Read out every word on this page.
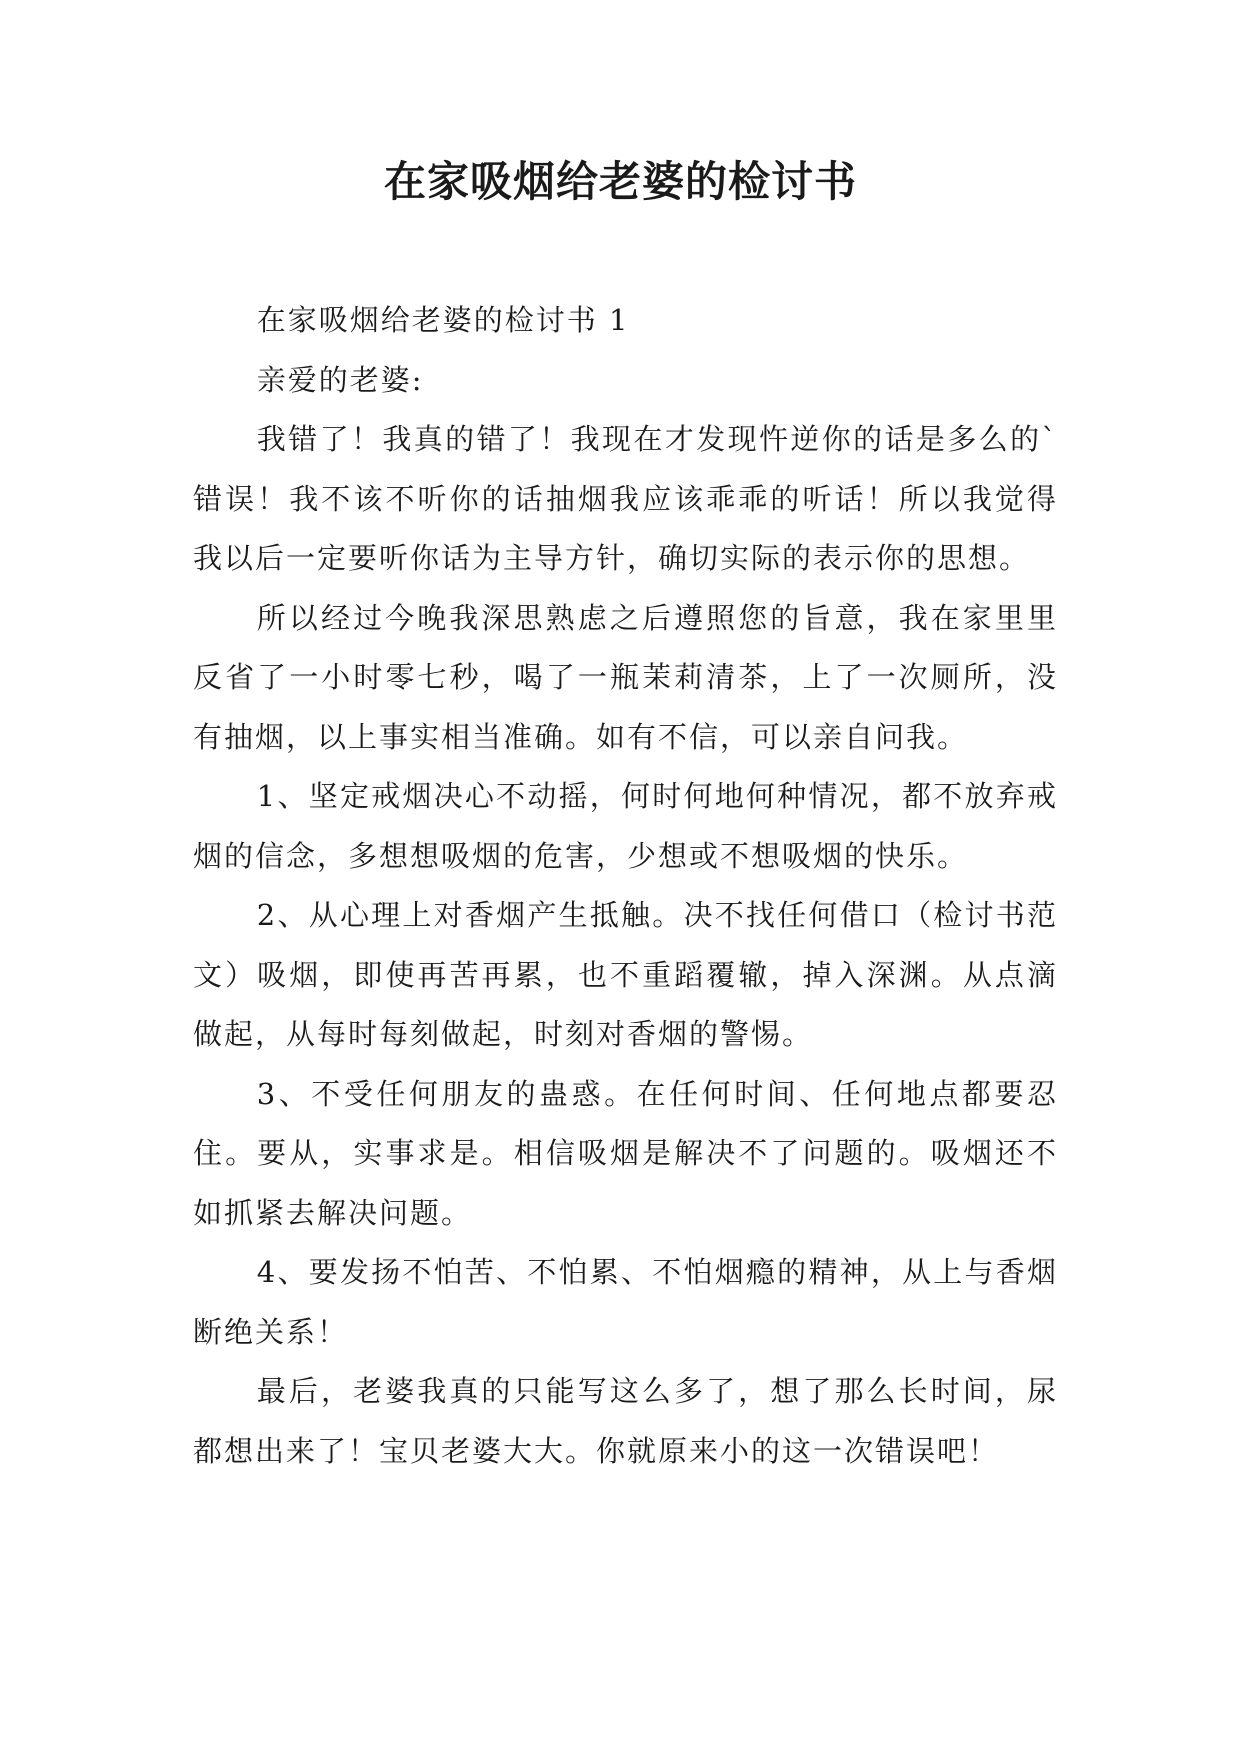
在家吸烟给老婆的检讨书

在家吸烟给老婆的检讨书 1

亲爱的老婆:

我错了！我真的错了！我现在才发现忤逆你的话是多么的`错误！我不该不听你的话抽烟我应该乖乖的听话！所以我觉得我以后一定要听你话为主导方针，确切实际的表示你的思想。

所以经过今晚我深思熟虑之后遵照您的旨意，我在家里里反省了一小时零七秒，喝了一瓶茉莉清茶，上了一次厕所，没有抽烟，以上事实相当准确。如有不信，可以亲自问我。

1、坚定戒烟决心不动摇，何时何地何种情况，都不放弃戒烟的信念，多想想吸烟的危害，少想或不想吸烟的快乐。

2、从心理上对香烟产生抵触。决不找任何借口（检讨书范文）吸烟，即使再苦再累，也不重蹈覆辙，掉入深渊。从点滴做起，从每时每刻做起，时刻对香烟的警惕。

3、不受任何朋友的蛊惑。在任何时间、任何地点都要忍住。要从，实事求是。相信吸烟是解决不了问题的。吸烟还不如抓紧去解决问题。

4、要发扬不怕苦、不怕累、不怕烟瘾的精神，从上与香烟断绝关系！

最后，老婆我真的只能写这么多了，想了那么长时间，尿都想出来了！宝贝老婆大大。你就原来小的这一次错误吧！
